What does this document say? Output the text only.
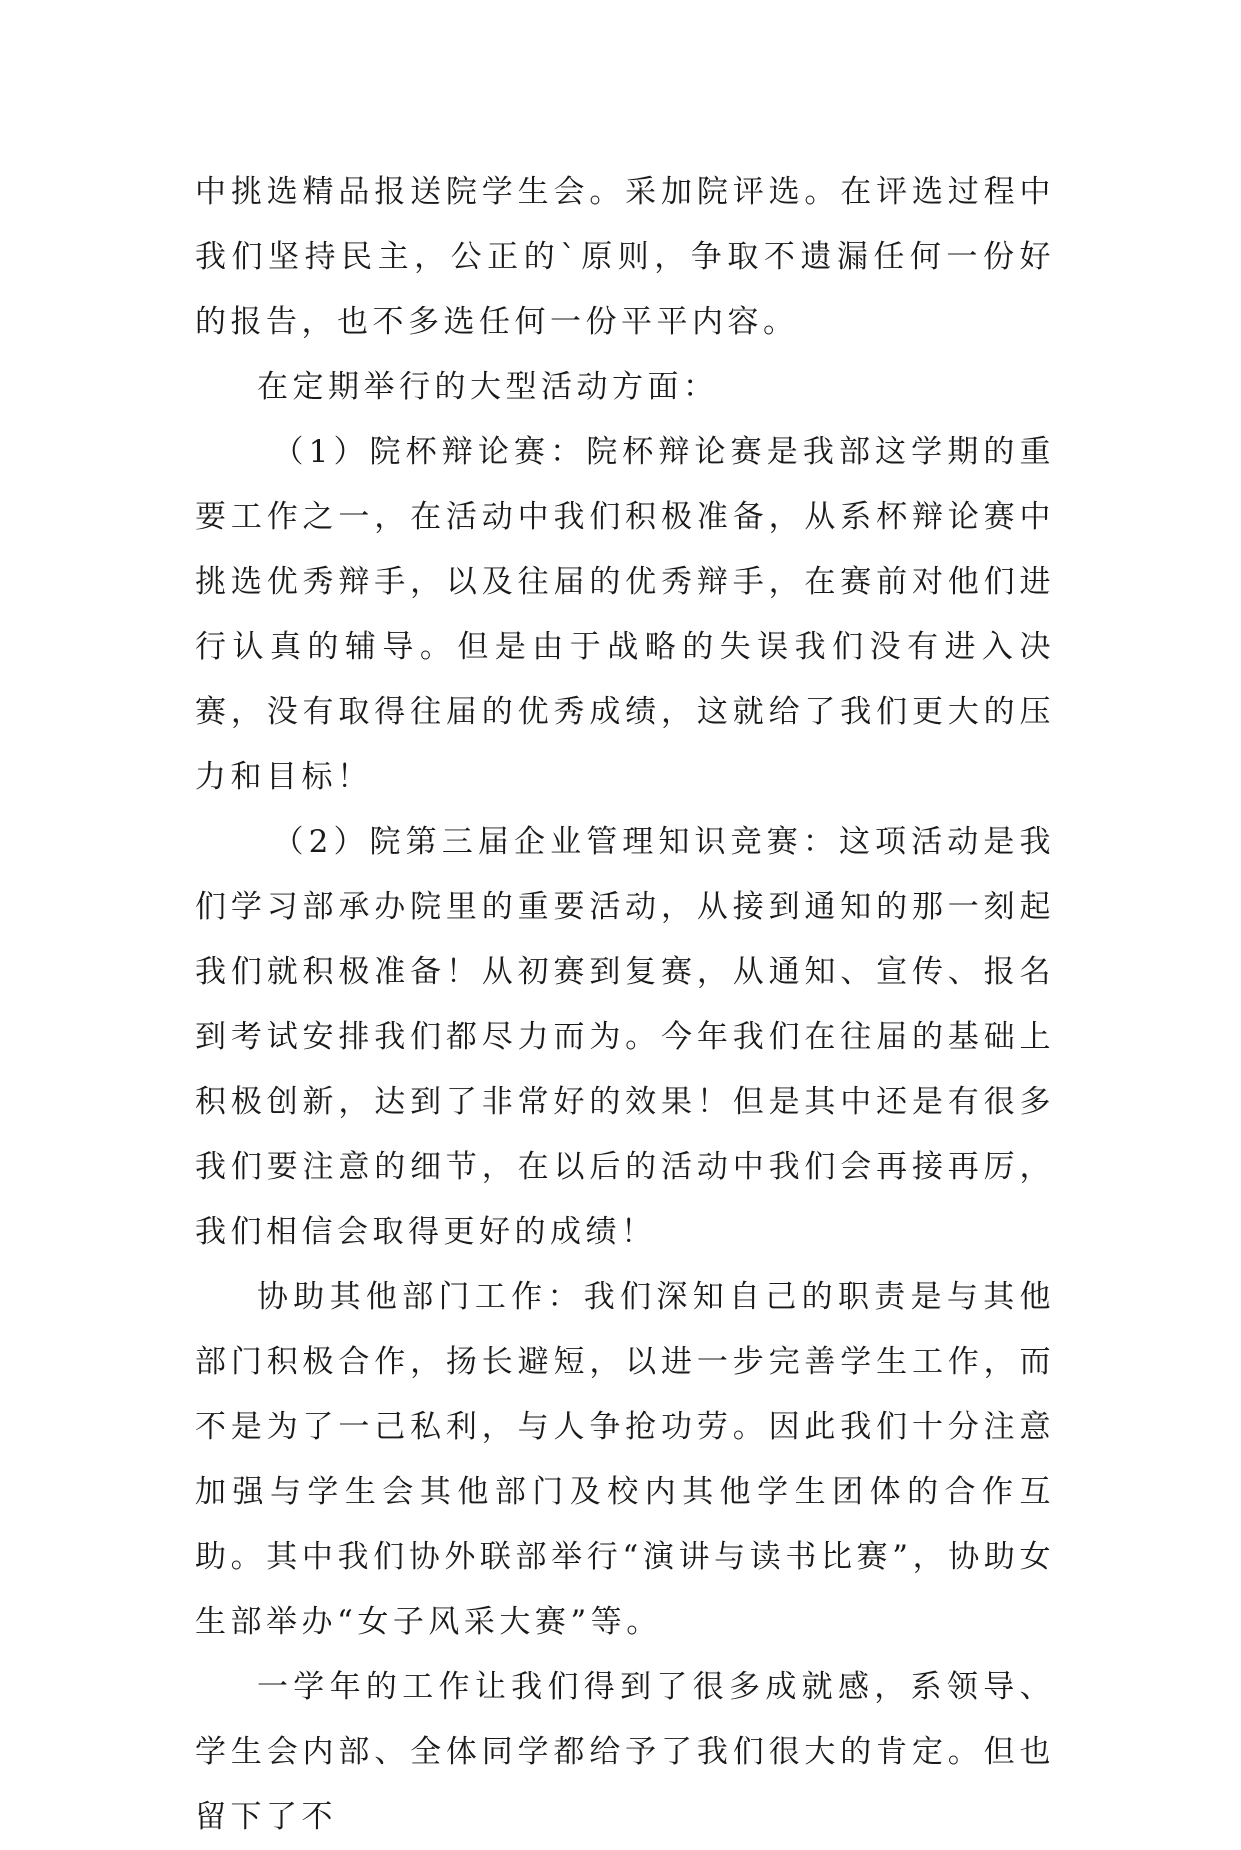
中挑选精品报送院学生会。采加院评选。在评选过程中我们坚持民主，公正的`原则，争取不遗漏任何一份好的报告，也不多选任何一份平平内容。

在定期举行的大型活动方面：

（1）院杯辩论赛：院杯辩论赛是我部这学期的重要工作之一，在活动中我们积极准备，从系杯辩论赛中挑选优秀辩手，以及往届的优秀辩手，在赛前对他们进行认真的辅导。但是由于战略的失误我们没有进入决赛，没有取得往届的优秀成绩，这就给了我们更大的压力和目标！

（2）院第三届企业管理知识竞赛：这项活动是我们学习部承办院里的重要活动，从接到通知的那一刻起我们就积极准备！从初赛到复赛，从通知、宣传、报名到考试安排我们都尽力而为。今年我们在往届的基础上积极创新，达到了非常好的效果！但是其中还是有很多我们要注意的细节，在以后的活动中我们会再接再厉，我们相信会取得更好的成绩！

协助其他部门工作：我们深知自己的职责是与其他部门积极合作，扬长避短，以进一步完善学生工作，而不是为了一己私利，与人争抢功劳。因此我们十分注意加强与学生会其他部门及校内其他学生团体的合作互助。其中我们协外联部举行“演讲与读书比赛”，协助女生部举办“女子风采大赛”等。

一学年的工作让我们得到了很多成就感，系领导、学生会内部、全体同学都给予了我们很大的肯定。但也留下了不
